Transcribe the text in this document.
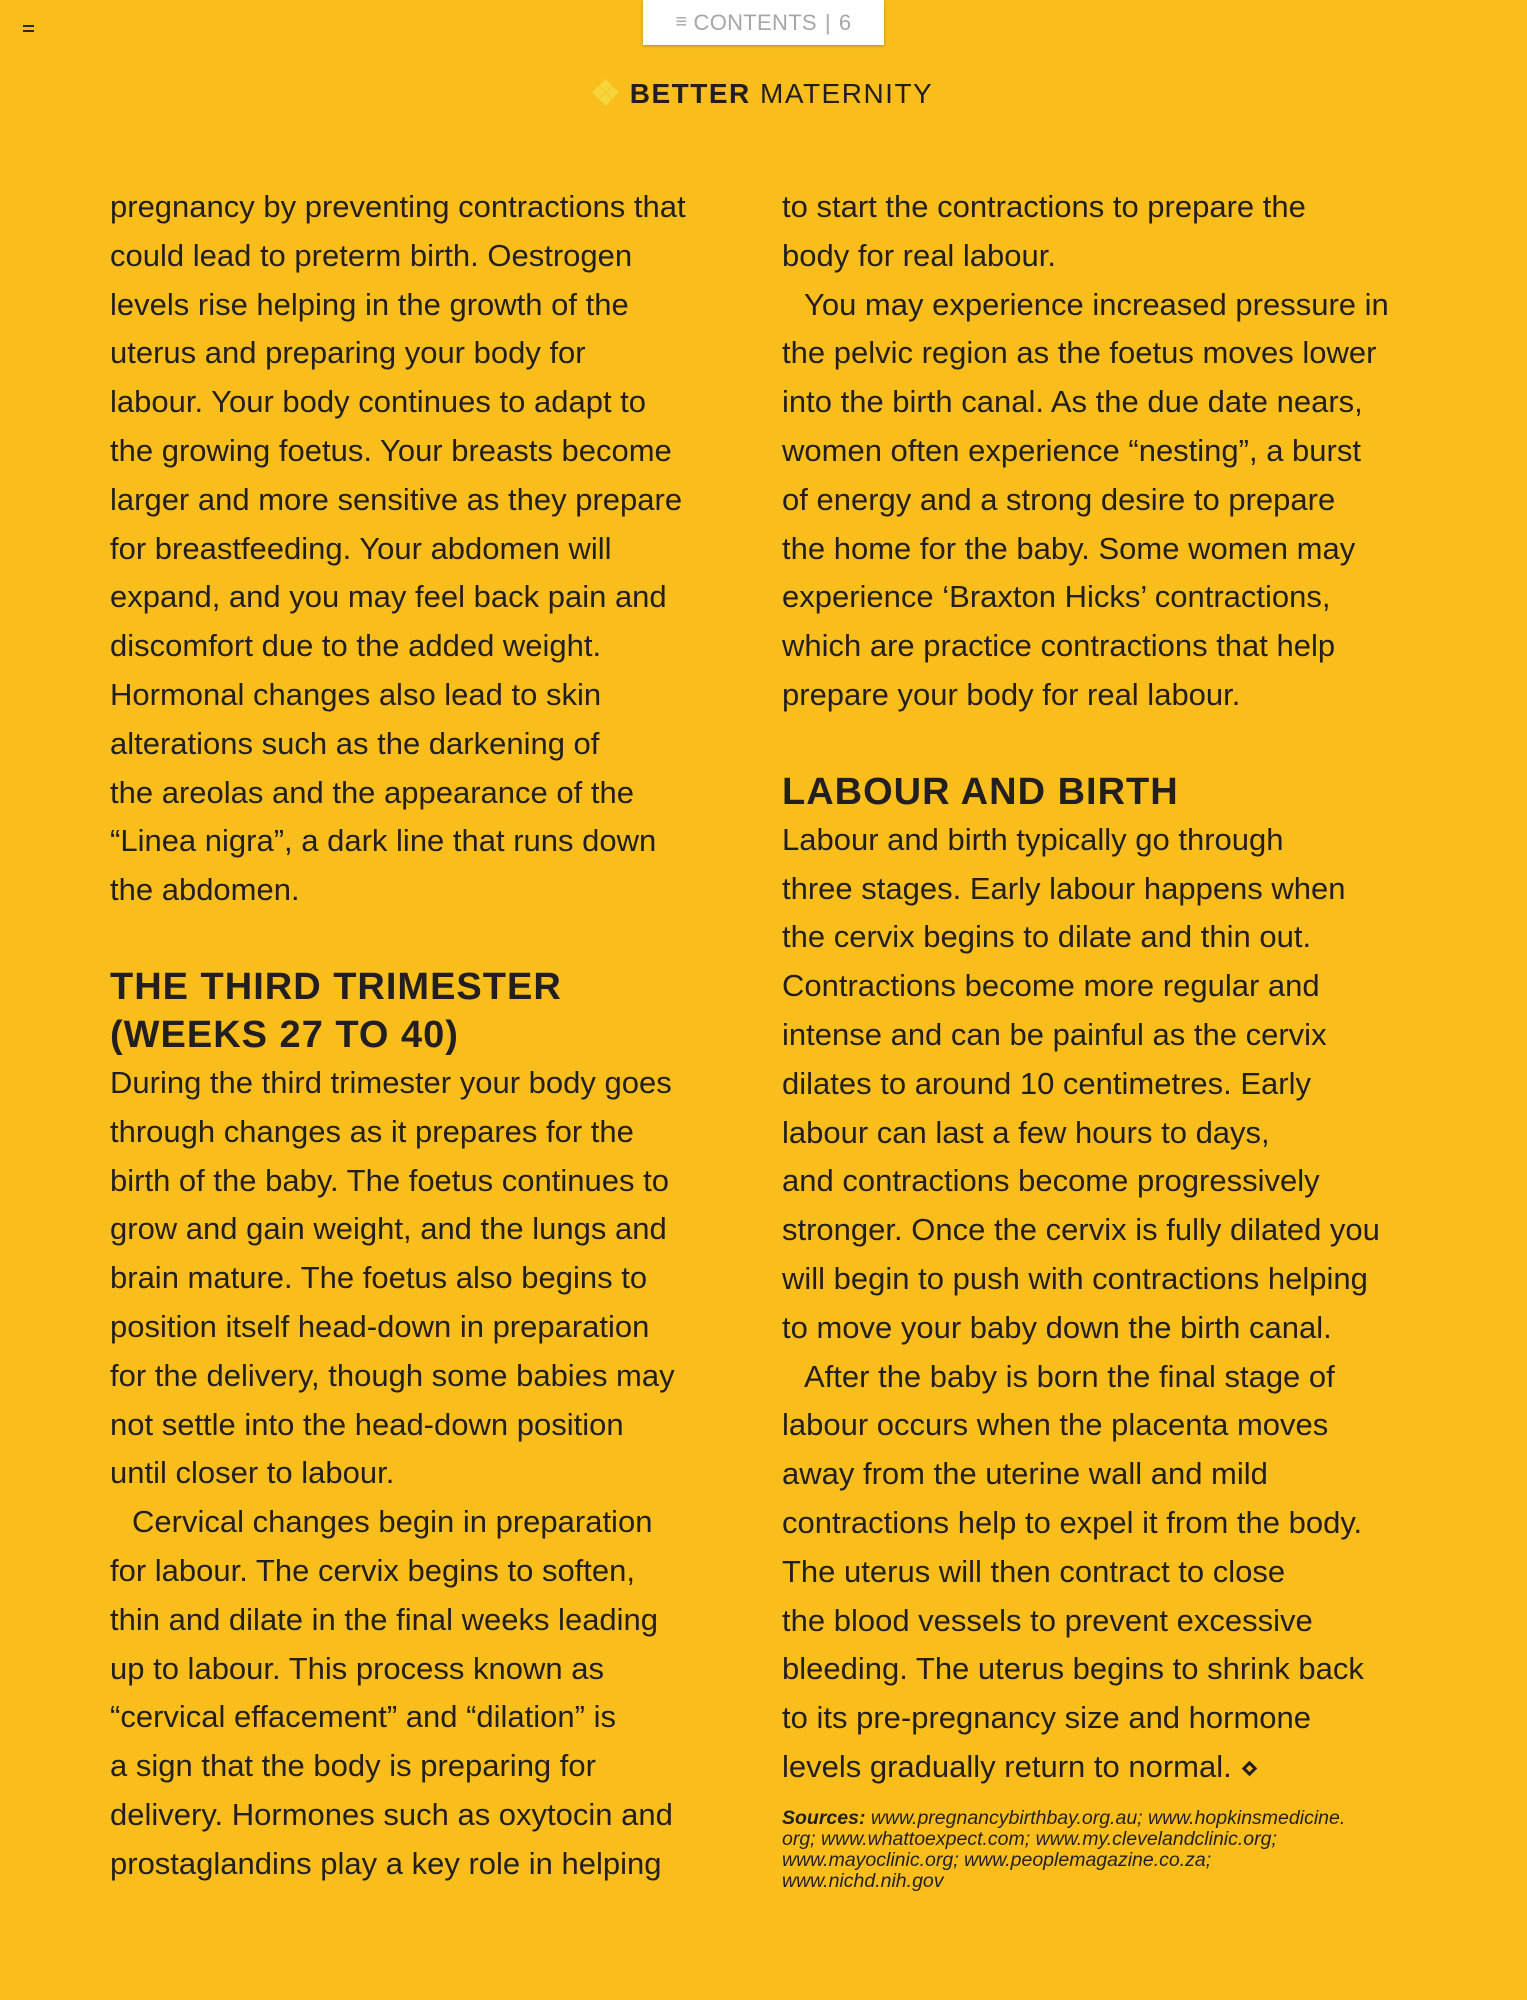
≡ CONTENTS | 6
BETTER MATERNITY
pregnancy by preventing contractions that
could lead to preterm birth. Oestrogen
levels rise helping in the growth of the
uterus and preparing your body for
labour. Your body continues to adapt to
the growing foetus. Your breasts become
larger and more sensitive as they prepare
for breastfeeding. Your abdomen will
expand, and you may feel back pain and
discomfort due to the added weight.
Hormonal changes also lead to skin
alterations such as the darkening of
the areolas and the appearance of the
“Linea nigra”, a dark line that runs down
the abdomen.
THE THIRD TRIMESTER
(WEEKS 27 TO 40)
During the third trimester your body goes
through changes as it prepares for the
birth of the baby. The foetus continues to
grow and gain weight, and the lungs and
brain mature. The foetus also begins to
position itself head-down in preparation
for the delivery, though some babies may
not settle into the head-down position
until closer to labour.
Cervical changes begin in preparation
for labour. The cervix begins to soften,
thin and dilate in the final weeks leading
up to labour. This process known as
“cervical effacement” and “dilation” is
a sign that the body is preparing for
delivery. Hormones such as oxytocin and
prostaglandins play a key role in helping
to start the contractions to prepare the
body for real labour.
You may experience increased pressure in
the pelvic region as the foetus moves lower
into the birth canal. As the due date nears,
women often experience “nesting”, a burst
of energy and a strong desire to prepare
the home for the baby. Some women may
experience ‘Braxton Hicks’ contractions,
which are practice contractions that help
prepare your body for real labour.
LABOUR AND BIRTH
Labour and birth typically go through
three stages. Early labour happens when
the cervix begins to dilate and thin out.
Contractions become more regular and
intense and can be painful as the cervix
dilates to around 10 centimetres. Early
labour can last a few hours to days,
and contractions become progressively
stronger. Once the cervix is fully dilated you
will begin to push with contractions helping
to move your baby down the birth canal.
After the baby is born the final stage of
labour occurs when the placenta moves
away from the uterine wall and mild
contractions help to expel it from the body.
The uterus will then contract to close
the blood vessels to prevent excessive
bleeding. The uterus begins to shrink back
to its pre-pregnancy size and hormone
levels gradually return to normal.
Sources: www.pregnancybirthbay.org.au; www.hopkinsmedicine.
org; www.whattoexpect.com; www.my.clevelandclinic.org;
www.mayoclinic.org; www.peoplemagazine.co.za;
www.nichd.nih.gov
